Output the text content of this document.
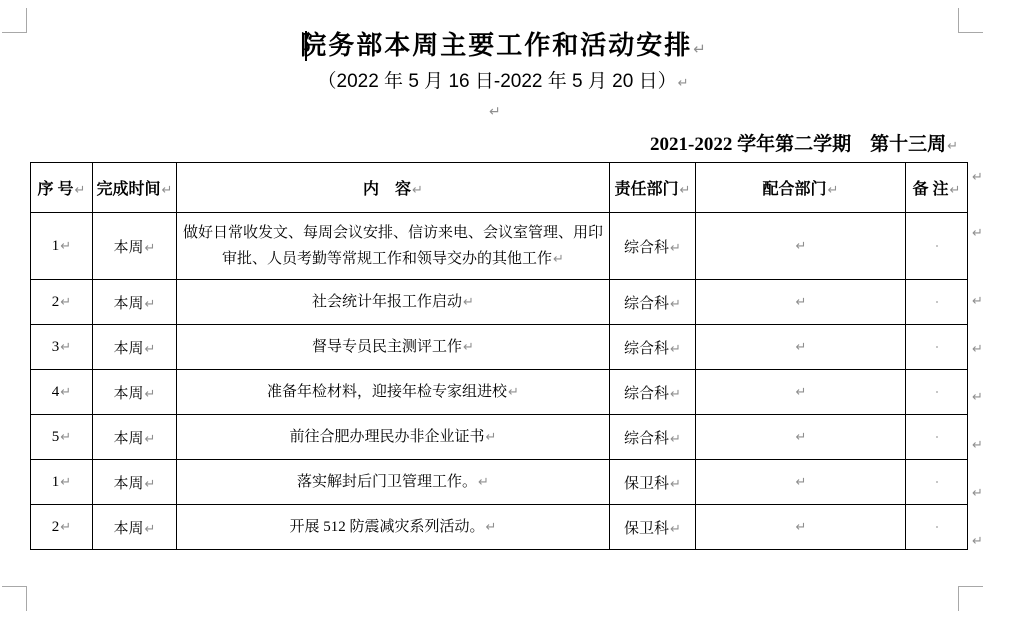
院务部本周主要工作和活动安排↵
（2022 年 5 月 16 日-2022 年 5 月 20 日）↵
↵
2021-2022 学年第二学期　第十三周↵
序 号↵	完成时间↵	内　容↵	责任部门↵	配合部门↵	备 注↵
1↵	本周↵	做好日常收发文、每周会议安排、信访来电、会议室管理、用印审批、人员考勤等常规工作和领导交办的其他工作↵	综合科↵	↵	
2↵	本周↵	社会统计年报工作启动↵	综合科↵	↵	
3↵	本周↵	督导专员民主测评工作↵	综合科↵	↵	
4↵	本周↵	准备年检材料，迎接年检专家组进校↵	综合科↵	↵	
5↵	本周↵	前往合肥办理民办非企业证书↵	综合科↵	↵	
1↵	本周↵	落实解封后门卫管理工作。↵	保卫科↵	↵	
2↵	本周↵	开展 512 防震减灾系列活动。↵	保卫科↵	↵	
↵
↵
↵
↵
↵
↵
↵
↵
